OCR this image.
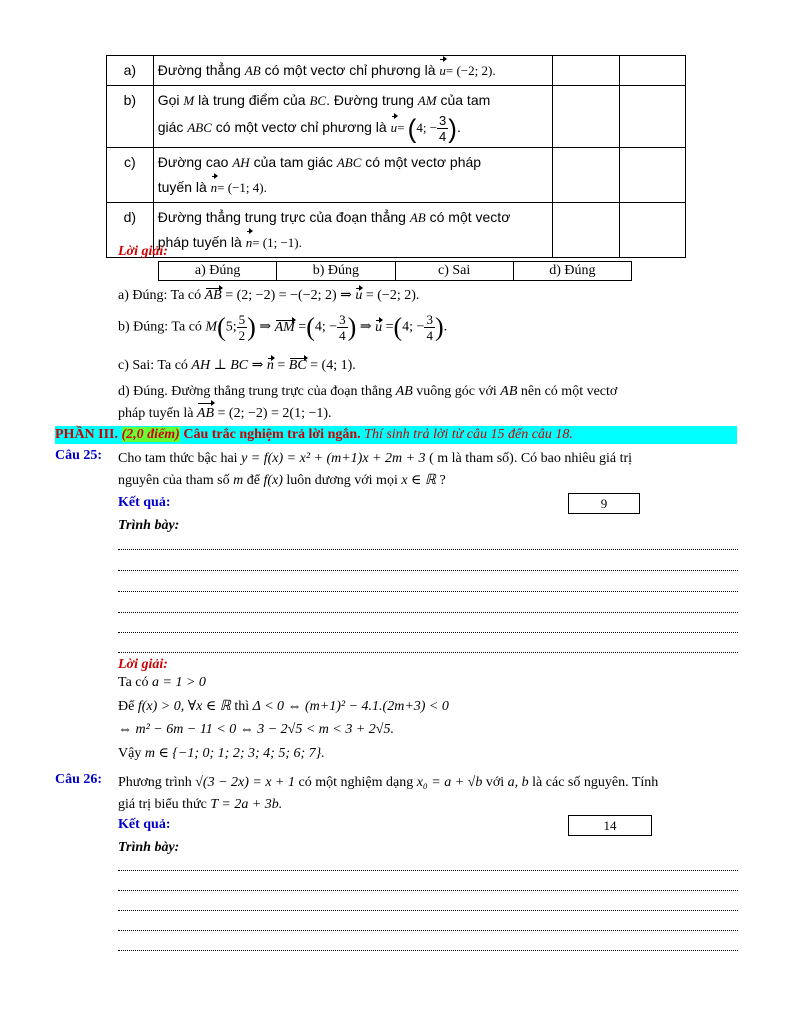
a)	Đường thẳng AB có một vectơ chỉ phương là u= (−2; 2).		
b)	Gọi M là trung điểm của BC. Đường trung AM của tam
giác ABC có một vectơ chỉ phương là u= (4; − $\frac{3}{4}$ ).		
c)	Đường cao AH của tam giác ABC có một vectơ pháp
tuyến là n= (−1; 4).		
d)	Đường thẳng trung trực của đoạn thẳng AB có một vectơ
pháp tuyến là n= (1; −1).		
Lời giải:
a) Đúng	b) Đúng	c) Sai	d) Đúng
a) Đúng: Ta có AB = (2; −2) = −(−2; 2) ⇒ u = (−2; 2).
b) Đúng: Ta có M(5; $\frac{5}{2}$ ) ⇒ AM =(4; − $\frac{3}{4}$ ) ⇒ u =(4; − $\frac{3}{4}$ ).
c) Sai: Ta có AH ⊥ BC ⇒ n = BC = (4; 1).
d) Đúng. Đường thẳng trung trực của đoạn thẳng AB vuông góc với AB nên có một vectơ
pháp tuyến là AB = (2; −2) = 2(1; −1).
PHẦN III. (2,0 điểm) Câu trắc nghiệm trả lời ngắn. Thí sinh trả lời từ câu 15 đến câu 18.
Câu 25: Cho tam thức bậc hai y = f(x) = x² + (m+1)x + 2m + 3 ( m là tham số). Có bao nhiêu giá trị
nguyên của tham số m để f(x) luôn dương với mọi x ∈ ℝ ?
Kết quả:	9
Trình bày:
Lời giải:
Ta có a = 1 > 0
Để f(x) > 0, ∀x ∈ ℝ thì Δ < 0 ⇔ (m+1)² − 4.1.(2m+3) < 0
⇔ m² − 6m − 11 < 0 ⇔ 3 − 2√5 < m < 3 + 2√5.
Vậy m ∈ {−1; 0; 1; 2; 3; 4; 5; 6; 7}.
Câu 26: Phương trình √(3 − 2x) = x + 1 có một nghiệm dạng x₀ = a + √b với a, b là các số nguyên. Tính
giá trị biểu thức T = 2a + 3b.
Kết quả:	14
Trình bày:
